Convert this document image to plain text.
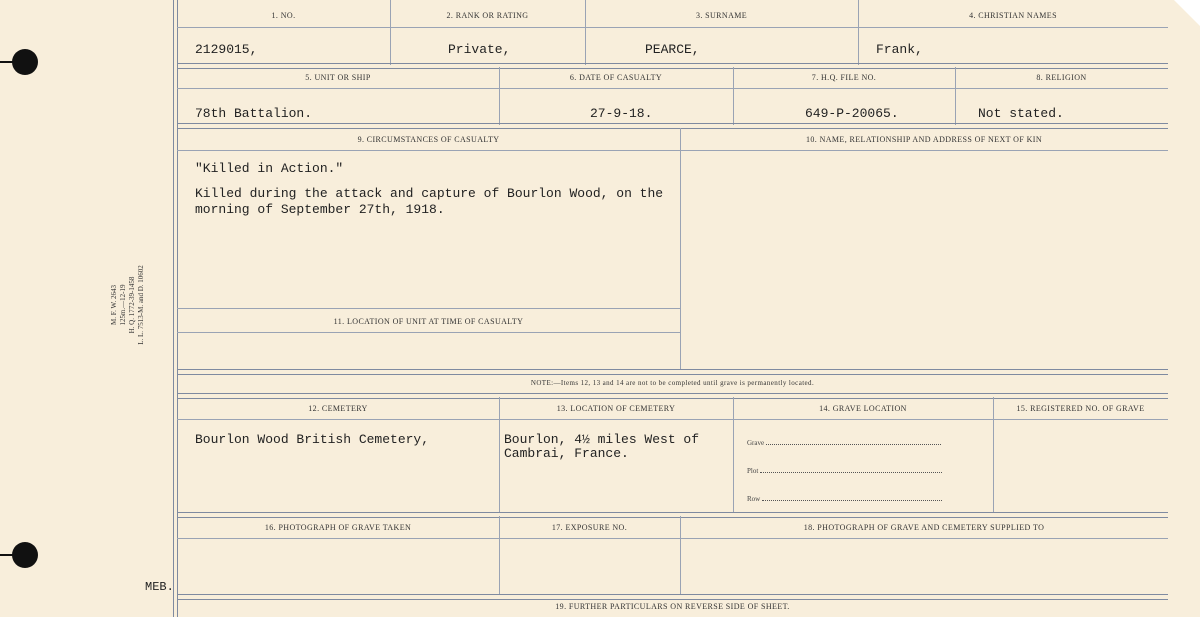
M. F. W. 2643 125m.—12-19 H. Q. 1772-39-1458 L. L. 7513-M. and D. 10602
MEB.
1. NO.	2. RANK OR RATING	3. SURNAME	4. CHRISTIAN NAMES
2129015,	Private,	PEARCE,	Frank,
5. UNIT OR SHIP	6. DATE OF CASUALTY	7. H.Q. FILE NO.	8. RELIGION
78th Battalion.	27-9-18.	649-P-20065.	Not stated.
9. CIRCUMSTANCES OF CASUALTY	10. NAME, RELATIONSHIP AND ADDRESS OF NEXT OF KIN
"Killed in Action."
Killed during the attack and capture of Bourlon Wood, on the
morning of September 27th, 1918.
11. LOCATION OF UNIT AT TIME OF CASUALTY
NOTE:—Items 12, 13 and 14 are not to be completed until grave is permanently located.
12. CEMETERY	13. LOCATION OF CEMETERY	14. GRAVE LOCATION	15. REGISTERED NO. OF GRAVE
Bourlon Wood British Cemetery,	Bourlon, 4½ miles West of
Cambrai, France.
Grave
Plot
Row
16. PHOTOGRAPH OF GRAVE TAKEN	17. EXPOSURE NO.	18. PHOTOGRAPH OF GRAVE AND CEMETERY SUPPLIED TO
19. FURTHER PARTICULARS ON REVERSE SIDE OF SHEET.
